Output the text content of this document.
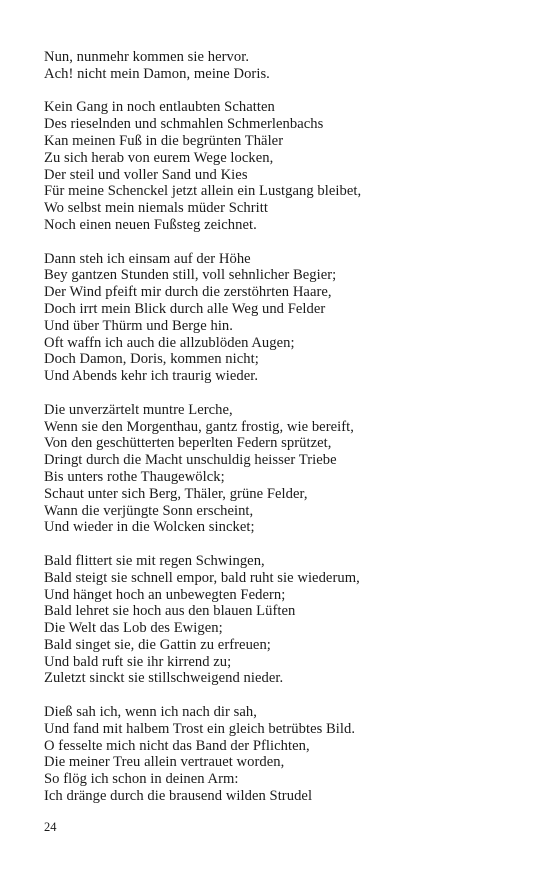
Nun, nunmehr kommen sie hervor.
Ach! nicht mein Damon, meine Doris.
Kein Gang in noch entlaubten Schatten
Des rieselnden und schmahlen Schmerlenbachs
Kan meinen Fuß in die begrünten Thäler
Zu sich herab von eurem Wege locken,
Der steil und voller Sand und Kies
Für meine Schenckel jetzt allein ein Lustgang bleibet,
Wo selbst mein niemals müder Schritt
Noch einen neuen Fußsteg zeichnet.
Dann steh ich einsam auf der Höhe
Bey gantzen Stunden still, voll sehnlicher Begier;
Der Wind pfeift mir durch die zerstöhrten Haare,
Doch irrt mein Blick durch alle Weg und Felder
Und über Thürm und Berge hin.
Oft waffn ich auch die allzublöden Augen;
Doch Damon, Doris, kommen nicht;
Und Abends kehr ich traurig wieder.
Die unverzärtelt muntre Lerche,
Wenn sie den Morgenthau, gantz frostig, wie bereift,
Von den geschütterten beperlten Federn sprützet,
Dringt durch die Macht unschuldig heisser Triebe
Bis unters rothe Thaugewölck;
Schaut unter sich Berg, Thäler, grüne Felder,
Wann die verjüngte Sonn erscheint,
Und wieder in die Wolcken sincket;
Bald flittert sie mit regen Schwingen,
Bald steigt sie schnell empor, bald ruht sie wiederum,
Und hänget hoch an unbewegten Federn;
Bald lehret sie hoch aus den blauen Lüften
Die Welt das Lob des Ewigen;
Bald singet sie, die Gattin zu erfreuen;
Und bald ruft sie ihr kirrend zu;
Zuletzt sinckt sie stillschweigend nieder.
Dieß sah ich, wenn ich nach dir sah,
Und fand mit halbem Trost ein gleich betrübtes Bild.
O fesselte mich nicht das Band der Pflichten,
Die meiner Treu allein vertrauet worden,
So flög ich schon in deinen Arm:
Ich dränge durch die brausend wilden Strudel
24
